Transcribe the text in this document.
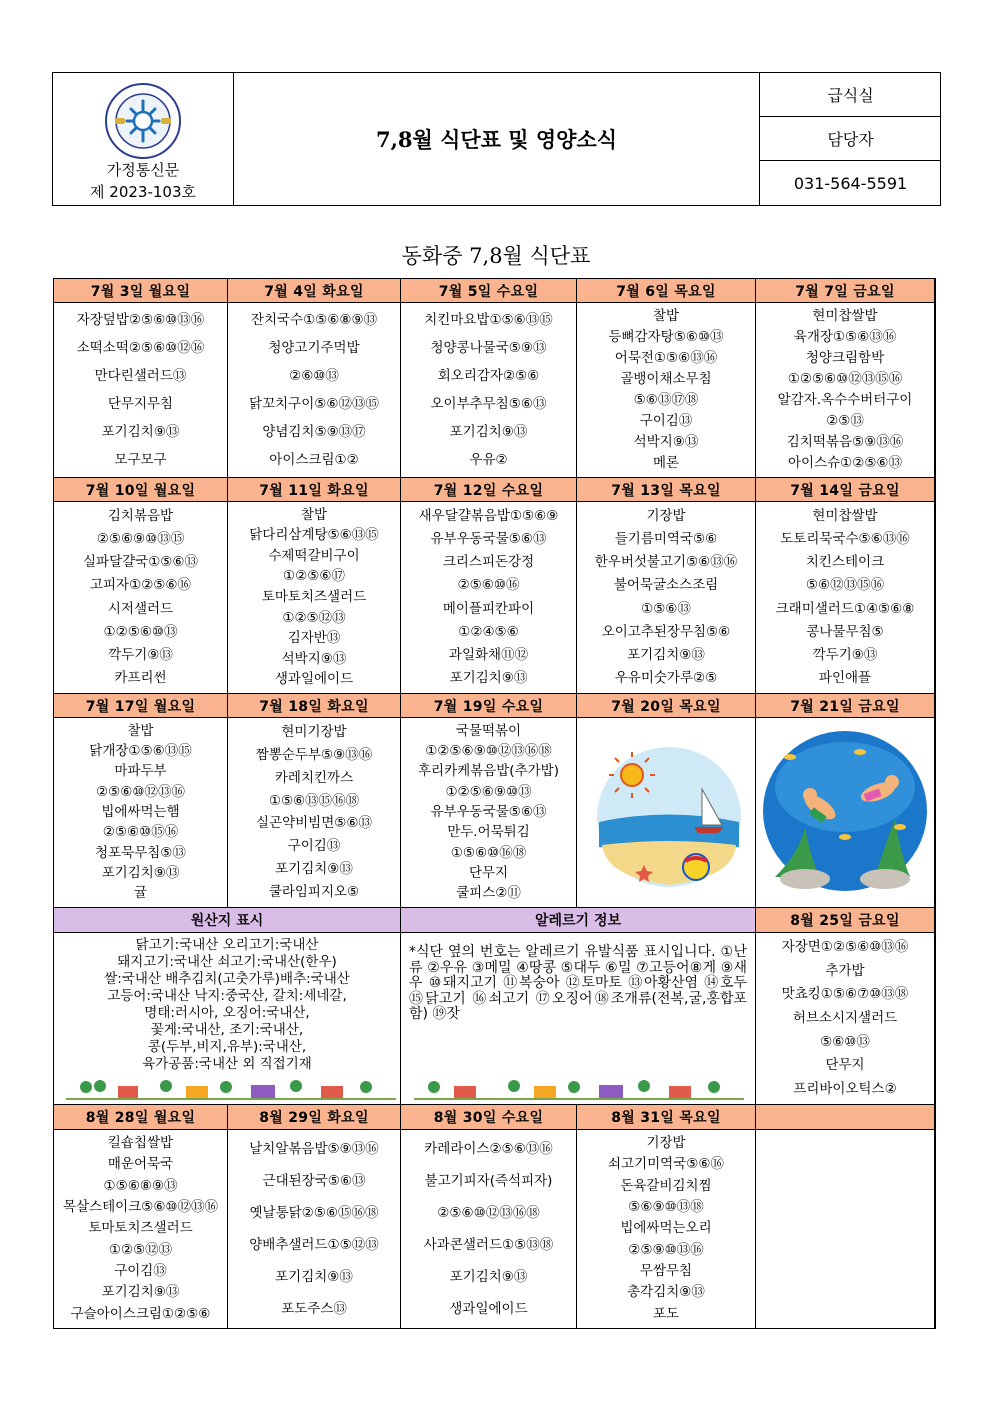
가정통신문
제 2023-103호
7,8월 식단표 및 영양소식
급식실
담당자
031-564-5591
동화중 7,8월 식단표
기장밥
쇠고기미역국⑤⑥⑯
돈육갈비김치찜
⑤⑥⑨⑩⑬⑱
빕에싸먹는오리
②⑤⑨⑩⑬⑯
무쌈무침
총각김치⑨⑬
포도
8월 31일 목요일
카레라이스②⑤⑥⑬⑯
불고기피자(즉석피자)
②⑤⑥⑩⑫⑬⑯⑱
사과콘샐러드①⑤⑬⑱
포기김치⑨⑬
생과일에이드
8월 30일 수요일
날치알볶음밥⑤⑨⑬⑯
근대된장국⑤⑥⑬
옛날통닭②⑤⑥⑮⑯⑱
양배추샐러드①⑤⑫⑬
포기김치⑨⑬
포도주스⑬
8월 29일 화요일
킬숍칩쌀밥
매운어묵국
①⑤⑥⑧⑨⑬
목살스테이크⑤⑥⑩⑫⑬⑯
토마토치즈샐러드
①②⑤⑫⑬
구이김⑬
포기김치⑨⑬
구슬아이스크림①②⑤⑥
8월 28일 월요일
자장면①②⑤⑥⑩⑬⑯
추가밥
맛쵸킹①⑤⑥⑦⑩⑬⑱
허브소시지샐러드
⑤⑥⑩⑬
단무지
프리바이오틱스②
*식단 옆의 번호는 알레르기 유발식품 표시입니다. ①난류 ②우유 ③메밀 ④땅콩 ⑤대두 ⑥밀 ⑦고등어⑧게 ⑨새우 ⑩돼지고기 ⑪복숭아 ⑫토마토 ⑬아황산염 ⑭호두 ⑮닭고기 ⑯쇠고기 ⑰오징어⑱조개류(전복,굴,홍합포함) ⑲잣
닭고기:국내산 오리고기:국내산
돼지고기:국내산 쇠고기:국내산(한우)
쌀:국내산 배추김치(고춧가루)배추:국내산
고등어:국내산 낙지:중국산, 갈치:세네갈,
명태:러시아, 오징어:국내산,
꽃게:국내산, 조기:국내산,
콩(두부,비지,유부):국내산,
육가공품:국내산 외 직접기재
8월 25일 금요일
알레르기 정보
원산지 표시
7월 21일 금요일
7월 20일 목요일
국물떡볶이
①②⑤⑥⑨⑩⑫⑬⑯⑱
후리카케볶음밥(추가밥)
①②⑤⑥⑨⑩⑬
유부우동국물⑤⑥⑬
만두.어묵튀김
①⑤⑥⑩⑯⑱
단무지
쿨피스②⑪
7월 19일 수요일
현미기장밥
짬뽕순두부⑤⑨⑬⑯
카레치킨까스
①⑤⑥⑬⑮⑯⑱
실곤약비빔면⑤⑥⑬
구이김⑬
포기김치⑨⑬
쿨라임피지오⑤
7월 18일 화요일
찰밥
닭개장①⑤⑥⑬⑮
마파두부
②⑤⑥⑩⑫⑬⑯
빕에싸먹는햄
②⑤⑥⑩⑮⑯
청포묵무침⑤⑬
포기김치⑨⑬
귤
7월 17일 월요일
현미찹쌀밥
도토리묵국수⑤⑥⑬⑯
치킨스테이크
⑤⑥⑫⑬⑮⑯
크래미샐러드①④⑤⑥⑧
콩나물무침⑤
깍두기⑨⑬
파인애플
7월 14일 금요일
기장밥
들기름미역국⑤⑥
한우버섯불고기⑤⑥⑬⑯
불어묵굴소스조림
①⑤⑥⑬
오이고추된장무침⑤⑥
포기김치⑨⑬
우유미숫가루②⑤
7월 13일 목요일
새우달걀볶음밥①⑤⑥⑨
유부우동국물⑤⑥⑬
크리스피돈강정
②⑤⑥⑩⑯
메이플피칸파이
①②④⑤⑥
과일화채⑪⑫
포기김치⑨⑬
7월 12일 수요일
찰밥
닭다리삼계탕⑤⑥⑬⑮
수제떡갈비구이
①②⑤⑥⑰
토마토치즈샐러드
①②⑤⑫⑬
김자반⑬
석박지⑨⑬
생과일에이드
7월 11일 화요일
김치볶음밥
②⑤⑥⑨⑩⑬⑮
실파달걀국①⑤⑥⑬
고피자①②⑤⑥⑯
시저샐러드
①②⑤⑥⑩⑬
깍두기⑨⑬
카프리썬
7월 10일 월요일
현미찹쌀밥
육개장①⑤⑥⑬⑯
청양크림함박
①②⑤⑥⑩⑫⑬⑮⑯
알감자.옥수수버터구이
②⑤⑬
김치떡볶음⑤⑨⑬⑯
아이스슈①②⑤⑥⑬
7월 7일 금요일
찰밥
등뼈감자탕⑤⑥⑩⑬
어묵전①⑤⑥⑬⑯
골뱅이채소무침
⑤⑥⑬⑰⑱
구이김⑬
석박지⑨⑬
메론
7월 6일 목요일
치킨마요밥①⑤⑥⑬⑮
청양콩나물국⑤⑨⑬
회오리감자②⑤⑥
오이부추무침⑤⑥⑬
포기김치⑨⑬
우유②
7월 5일 수요일
잔치국수①⑤⑥⑧⑨⑬
청양고기주먹밥
②⑥⑩⑬
닭꼬치구이⑤⑥⑫⑬⑮
양념김치⑤⑨⑬⑰
아이스크림①②
7월 4일 화요일
자장덮밥②⑤⑥⑩⑬⑯
소떡소떡②⑤⑥⑩⑫⑯
만다린샐러드⑬
단무지무침
포기김치⑨⑬
모구모구
7월 3일 월요일
